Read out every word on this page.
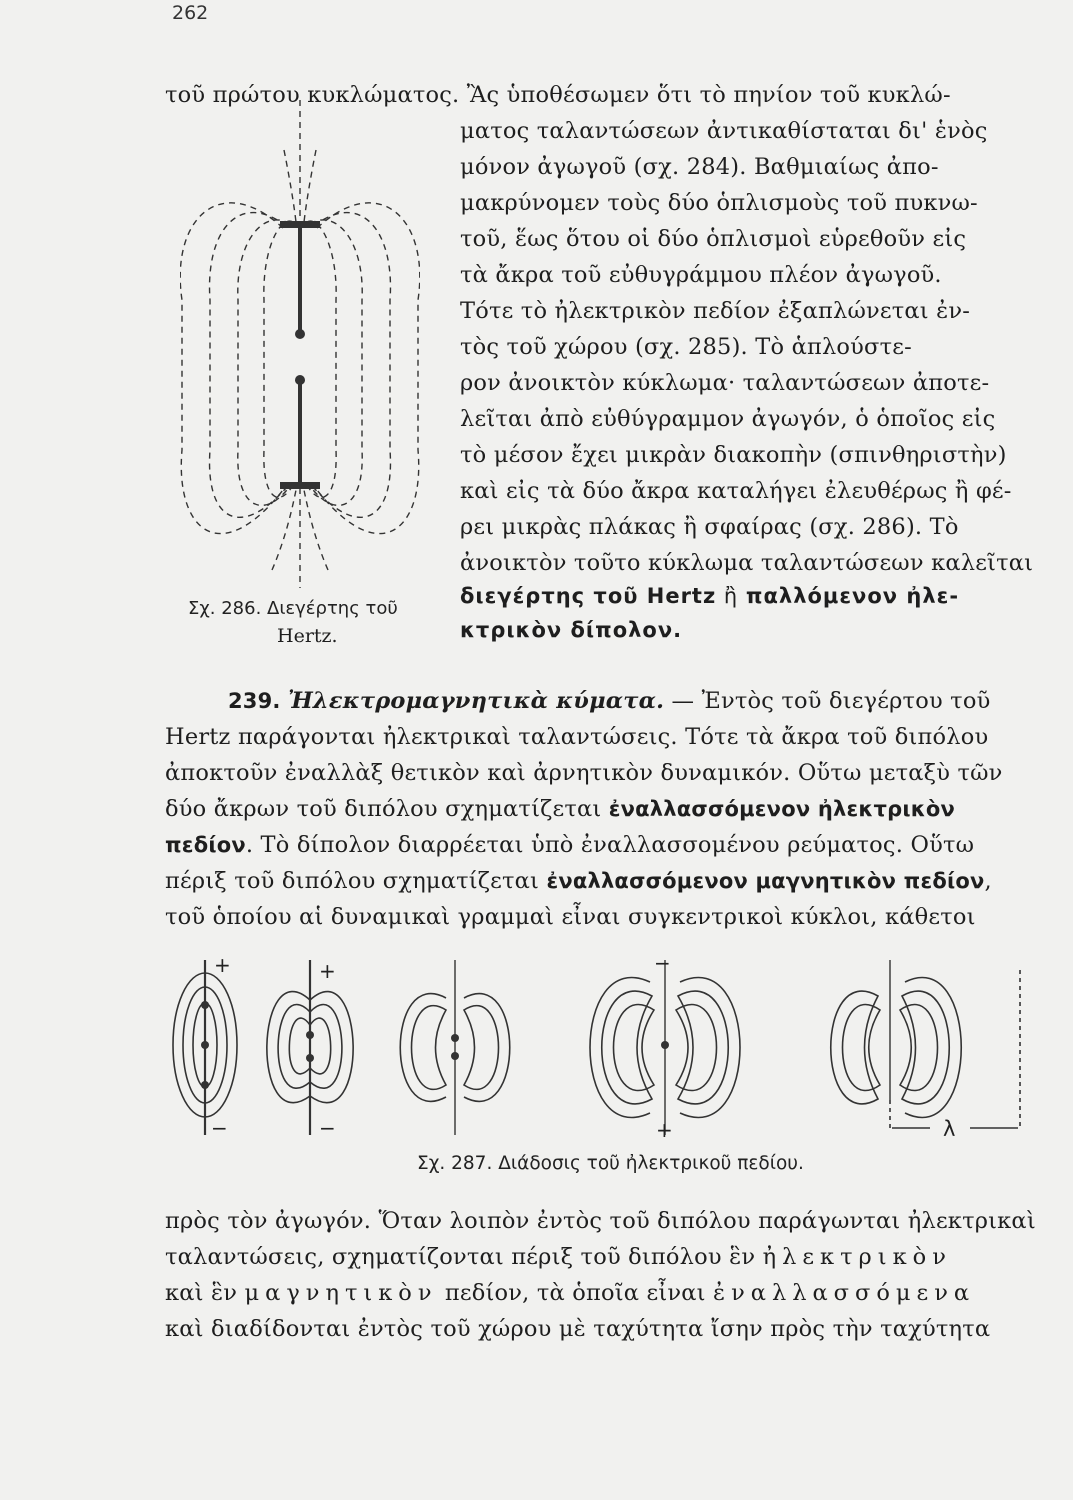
262
τοῦ πρώτου κυκλώματος. Ἂς ὑποθέσωμεν ὅτι τὸ πηνίον τοῦ κυκλώ-
ματος ταλαντώσεων ἀντικαθίσταται δι' ἑνὸς
μόνον ἀγωγοῦ (σχ. 284). Βαθμιαίως ἀπο-
μακρύνομεν τοὺς δύο ὁπλισμοὺς τοῦ πυκνω-
τοῦ, ἕως ὅτου οἱ δύο ὁπλισμοὶ εὑρεθοῦν εἰς
τὰ ἄκρα τοῦ εὐθυγράμμου πλέον ἀγωγοῦ.
Τότε τὸ ἠλεκτρικὸν πεδίον ἐξαπλώνεται ἐν-
τὸς τοῦ χώρου (σχ. 285). Τὸ ἁπλούστε-
ρον ἀνοικτὸν κύκλωμα· ταλαντώσεων ἀποτε-
λεῖται ἀπὸ εὐθύγραμμον ἀγωγόν, ὁ ὁποῖος εἰς
τὸ μέσον ἔχει μικρὰν διακοπὴν (σπινθηριστὴν)
καὶ εἰς τὰ δύο ἄκρα καταλήγει ἐλευθέρως ἢ φέ-
ρει μικρὰς πλάκας ἢ σφαίρας (σχ. 286). Τὸ
ἀνοικτὸν τοῦτο κύκλωμα ταλαντώσεων καλεῖται
διεγέρτης τοῦ Hertz ἢ παλλόμενον ἠλε-
κτρικὸν δίπολον.
Σχ. 286. Διεγέρτης τοῦ
Hertz.
239. Ἠλεκτρομαγνητικὰ κύματα. — Ἐντὸς τοῦ διεγέρτου τοῦ
Hertz παράγονται ἠλεκτρικαὶ ταλαντώσεις. Τότε τὰ ἄκρα τοῦ διπόλου
ἀποκτοῦν ἐναλλὰξ θετικὸν καὶ ἀρνητικὸν δυναμικόν. Οὕτω μεταξὺ τῶν
δύο ἄκρων τοῦ διπόλου σχηματίζεται ἐναλλασσόμενον ἠλεκτρικὸν
πεδίον. Τὸ δίπολον διαρρέεται ὑπὸ ἐναλλασσομένου ρεύματος. Οὕτω
πέριξ τοῦ διπόλου σχηματίζεται ἐναλλασσόμενον μαγνητικὸν πεδίον,
τοῦ ὁποίου αἱ δυναμικαὶ γραμμαὶ εἶναι συγκεντρικοὶ κύκλοι, κάθετοι
+
−
+
−
−
+	λ
Σχ. 287. Διάδοσις τοῦ ἠλεκτρικοῦ πεδίου.
πρὸς τὸν ἀγωγόν. Ὅταν λοιπὸν ἐντὸς τοῦ διπόλου παράγωνται ἠλεκτρικαὶ
ταλαντώσεις, σχηματίζονται πέριξ τοῦ διπόλου ἓν ἠλεκτρικὸν
καὶ ἓν μαγνητικὸν πεδίον, τὰ ὁποῖα εἶναι ἐναλλασσόμενα
καὶ διαδίδονται ἐντὸς τοῦ χώρου μὲ ταχύτητα ἴσην πρὸς τὴν ταχύτητα
